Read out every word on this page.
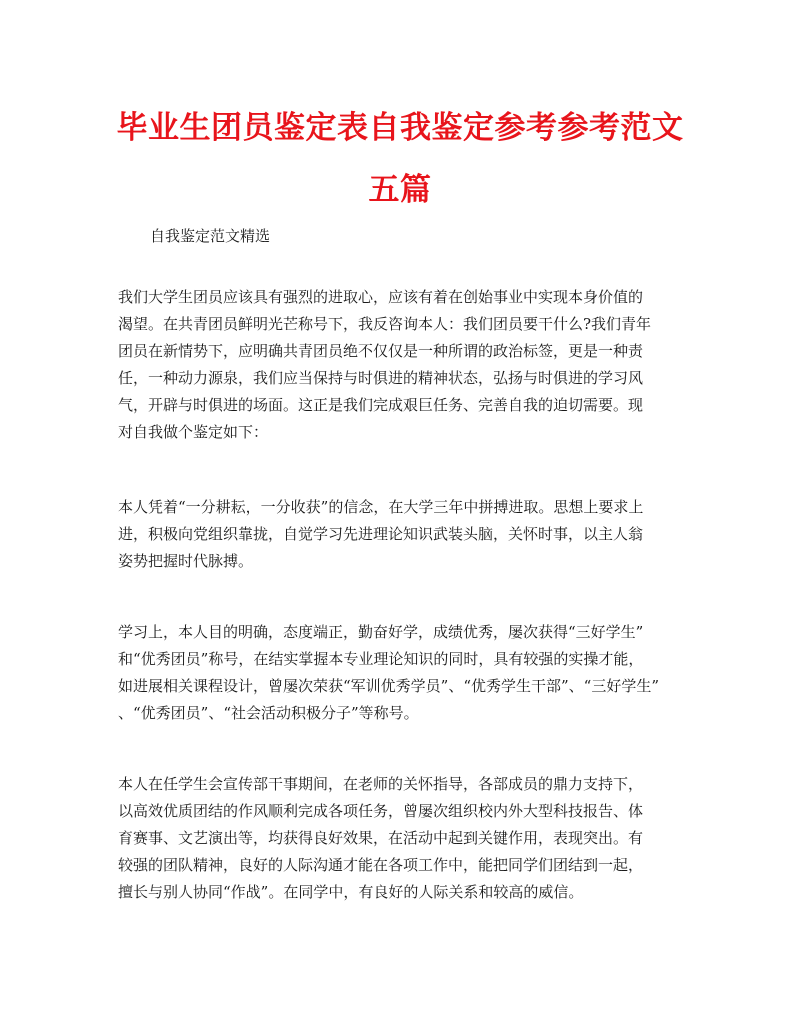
毕业生团员鉴定表自我鉴定参考参考范文
五篇
自我鉴定范文精选
我们大学生团员应该具有强烈的进取心，应该有着在创始事业中实现本身价值的
渴望。在共青团员鲜明光芒称号下，我反咨询本人：我们团员要干什么?我们青年
团员在新情势下，应明确共青团员绝不仅仅是一种所谓的政治标签，更是一种责
任，一种动力源泉，我们应当保持与时俱进的精神状态，弘扬与时俱进的学习风
气，开辟与时俱进的场面。这正是我们完成艰巨任务、完善自我的迫切需要。现
对自我做个鉴定如下：
本人凭着“一分耕耘，一分收获”的信念，在大学三年中拼搏进取。思想上要求上
进，积极向党组织靠拢，自觉学习先进理论知识武装头脑，关怀时事，以主人翁
姿势把握时代脉搏。
学习上，本人目的明确，态度端正，勤奋好学，成绩优秀，屡次获得“三好学生”
和“优秀团员”称号，在结实掌握本专业理论知识的同时，具有较强的实操才能，
如进展相关课程设计，曾屡次荣获“军训优秀学员”、“优秀学生干部”、“三好学生”
、“优秀团员”、“社会活动积极分子”等称号。
本人在任学生会宣传部干事期间，在老师的关怀指导，各部成员的鼎力支持下，
以高效优质团结的作风顺利完成各项任务，曾屡次组织校内外大型科技报告、体
育赛事、文艺演出等，均获得良好效果，在活动中起到关键作用，表现突出。有
较强的团队精神，良好的人际沟通才能在各项工作中，能把同学们团结到一起，
擅长与别人协同“作战”。在同学中，有良好的人际关系和较高的威信。
